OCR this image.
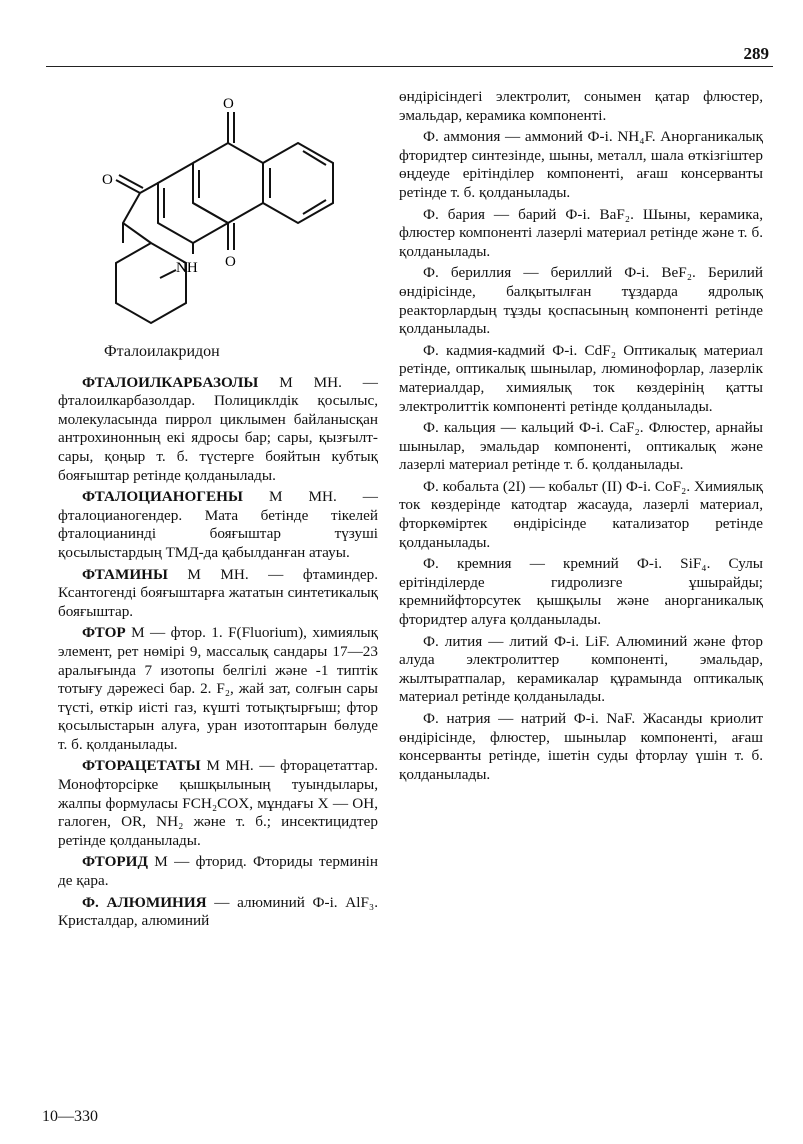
289
O
O
O
NH
Фталоилакридон

ФТАЛОИЛКАРБАЗОЛЫ М МН. — фталоилкарбазолдар. Полициклдік қосылыс, молекуласында пиррол циклымен байланысқан антрохинонның екі ядросы бар; сары, қызғылт-сары, қоңыр т. б. түстерге бояйтын кубтық бояғыштар ретінде қолданылады.

ФТАЛОЦИАНОГЕНЫ М МН. — фталоцианогендер. Мата бетінде тікелей фталоцианинді бояғыштар түзуші қосылыстардың ТМД-да қабылданған атауы.

ФТАМИНЫ М МН. — фтаминдер. Ксантогенді бояғыштарға жататын синтетикалық бояғыштар.

ФТОР М — фтор. 1. F(Fluorium), химиялық элемент, рет нөмірі 9, массалық сандары 17—23 аралығында 7 изотопы белгілі және -1 типтік тотығу дәрежесі бар. 2. F₂, жай зат, солғын сары түсті, өткір иісті газ, күшті тотықтырғыш; фтор қосылыстарын алуға, уран изотоптарын бөлуде т. б. қолданылады.

ФТОРАЦЕТАТЫ М МН. — фторацетаттар. Монофторсірке қышқылының туындылары, жалпы формуласы FCH₂COX, мұндағы X — OH, галоген, OR, NH₂ және т. б.; инсектицидтер ретінде қолданылады.

ФТОРИД М — фторид. Фториды терминін де қара.

Ф. АЛЮМИНИЯ — алюминий Ф-і. AlF₃. Кристалдар, алюминий

өндірісіндегі электролит, сонымен қатар флюстер, эмальдар, керамика компоненті.

Ф. аммония — аммоний Ф-і. NH₄F. Анорганикалық фторидтер синтезінде, шыны, металл, шала өткізгіштер өңдеуде ерітінділер компоненті, ағаш консерванты ретінде т. б. қолданылады.

Ф. бария — барий Ф-і. BaF₂. Шыны, керамика, флюстер компоненті лазерлі материал ретінде және т. б. қолданылады.

Ф. бериллия — бериллий Ф-і. BeF₂. Берилий өндірісінде, балқытылған тұздарда ядролық реакторлардың тұзды қоспасының компоненті ретінде қолданылады.

Ф. кадмия-кадмий Ф-і. CdF₂ Оптикалық материал ретінде, оптикалық шынылар, люминофорлар, лазерлік материалдар, химиялық ток көздерінің қатты электролиттік компоненті ретінде қолданылады.

Ф. кальция — кальций Ф-і. CaF₂. Флюстер, арнайы шынылар, эмальдар компоненті, оптикалық және лазерлі материал ретінде т. б. қолданылады.

Ф. кобальта (2I) — кобальт (II) Ф-і. CoF₂. Химиялық ток көздерінде катодтар жасауда, лазерлі материал, фторкөміртек өндірісінде катализатор ретінде қолданылады.

Ф. кремния — кремний Ф-і. SiF₄. Сулы ерітінділерде гидролизге ұшырайды; кремнийфторсутек қышқылы және анорганикалық фторидтер алуға қолданылады.

Ф. лития — литий Ф-і. LiF. Алюминий және фтор алуда электролиттер компоненті, эмальдар, жылтыратпалар, керамикалар құрамында оптикалық материал ретінде қолданылады.

Ф. натрия — натрий Ф-і. NaF. Жасанды криолит өндірісінде, флюстер, шынылар компоненті, ағаш консерванты ретінде, ішетін суды фторлау үшін т. б. қолданылады.

10—330
